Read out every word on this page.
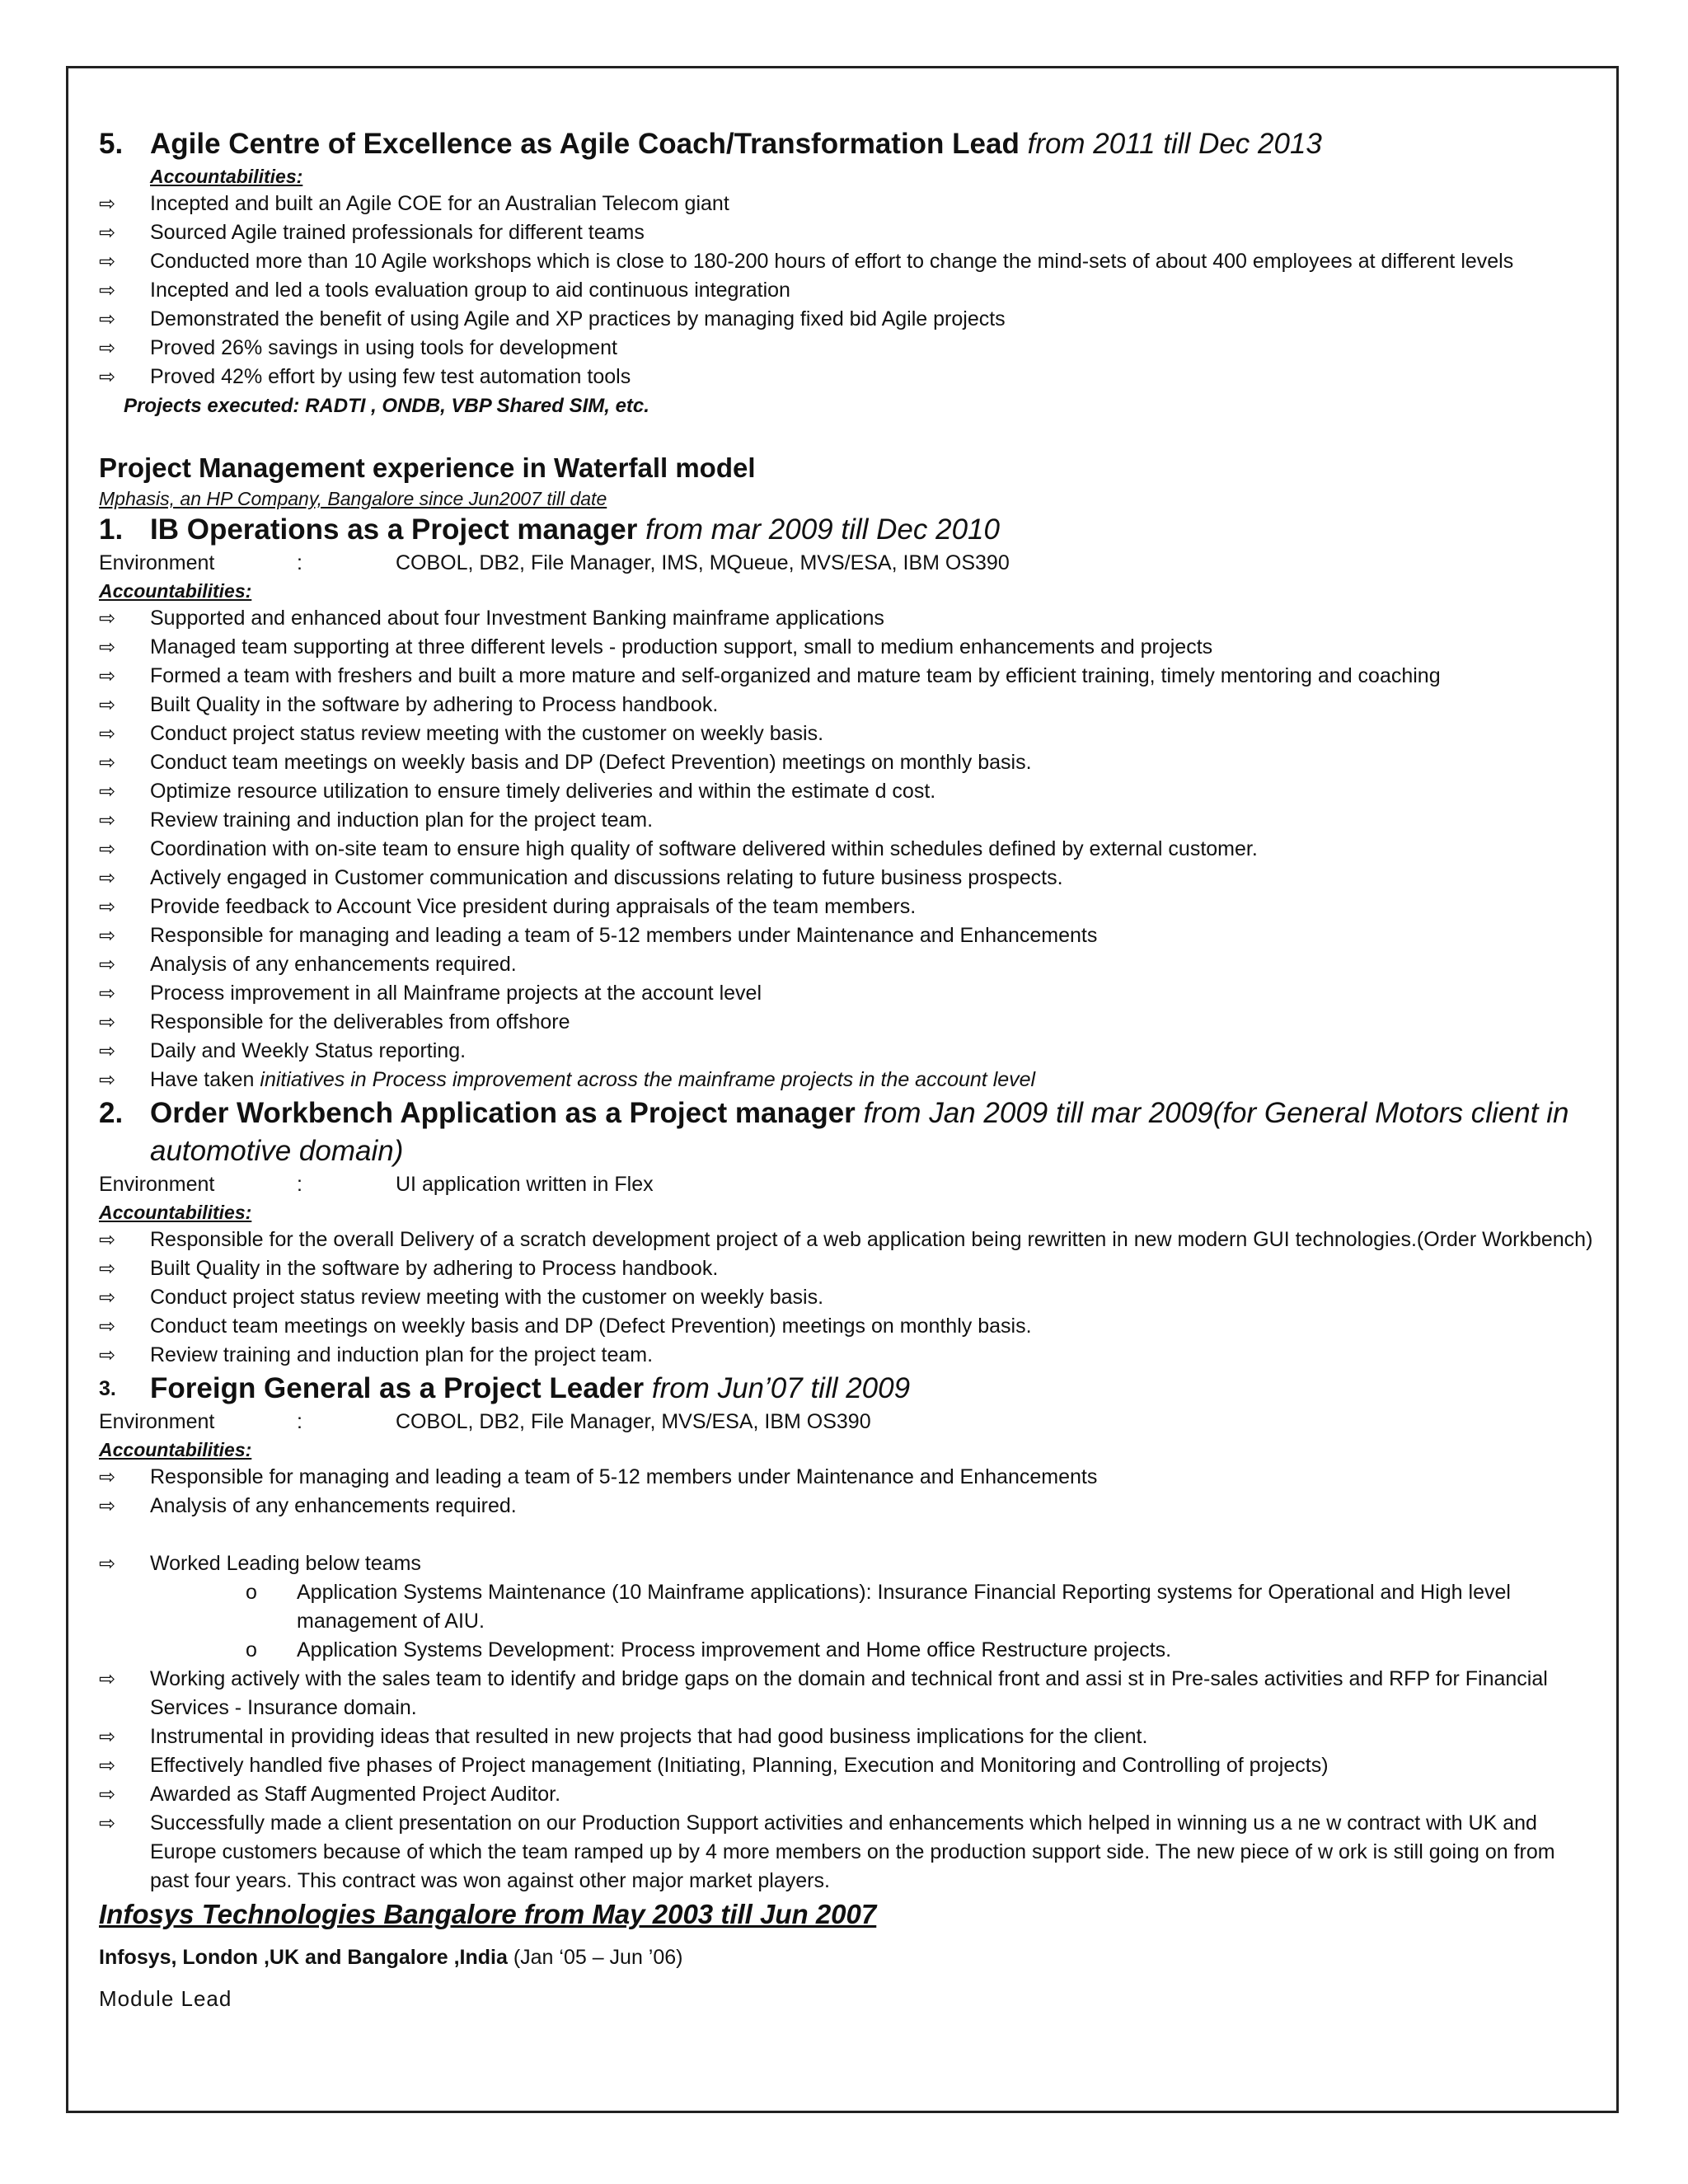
5. Agile Centre of Excellence as Agile Coach/Transformation Lead from 2011 till Dec 2013
Accountabilities:
⇨	Incepted and built an Agile COE for an Australian Telecom giant
⇨	Sourced Agile trained professionals for different teams
⇨	Conducted more than 10 Agile workshops which is close to 180-200 hours of effort to change the mind-sets of about 400 employees at different levels
⇨	Incepted and led a tools evaluation group to aid continuous integration
⇨	Demonstrated the benefit of using Agile and XP practices by managing fixed bid Agile projects
⇨	Proved 26% savings in using tools for development
⇨	Proved 42% effort by using few test automation tools
Projects executed: RADTI , ONDB, VBP Shared SIM, etc.
Project Management experience in Waterfall model
Mphasis, an HP Company, Bangalore since Jun2007 till date
1. IB Operations as a Project manager from mar 2009 till Dec 2010
Environment	:	COBOL, DB2, File Manager, IMS, MQueue, MVS/ESA, IBM OS390
Accountabilities:
⇨	Supported and enhanced about four Investment Banking mainframe applications
⇨	Managed team supporting at three different levels - production support, small to medium enhancements and projects
⇨	Formed a team with freshers and built a more mature and self-organized and mature team by efficient training, timely mentoring and coaching
⇨	Built Quality in the software by adhering to Process handbook.
⇨	Conduct project status review meeting with the customer on weekly basis.
⇨	Conduct team meetings on weekly basis and DP (Defect Prevention) meetings on monthly basis.
⇨	Optimize resource utilization to ensure timely deliveries and within the estimate d cost.
⇨	Review training and induction plan for the project team.
⇨	Coordination with on-site team to ensure high quality of software delivered within schedules defined by external customer.
⇨	Actively engaged in Customer communication and discussions relating to future business prospects.
⇨	Provide feedback to Account Vice president during appraisals of the team members.
⇨	Responsible for managing and leading a team of 5-12 members under Maintenance and Enhancements
⇨	Analysis of any enhancements required.
⇨	Process improvement in all Mainframe projects at the account level
⇨	Responsible for the deliverables from offshore
⇨	Daily and Weekly Status reporting.
⇨	Have taken initiatives in Process improvement across the mainframe projects in the account level
2. Order Workbench Application as a Project manager from Jan 2009 till mar 2009(for General Motors client in automotive domain)
Environment	:	UI application written in Flex
Accountabilities:
⇨	Responsible for the overall Delivery of a scratch development project of a web application being rewritten in new modern GUI technologies.(Order Workbench)
⇨	Built Quality in the software by adhering to Process handbook.
⇨	Conduct project status review meeting with the customer on weekly basis.
⇨	Conduct team meetings on weekly basis and DP (Defect Prevention) meetings on monthly basis.
⇨	Review training and induction plan for the project team.
3.	Foreign General as a Project Leader from Jun’07 till 2009
Environment	:	COBOL, DB2, File Manager, MVS/ESA, IBM OS390
Accountabilities:
⇨	Responsible for managing and leading a team of 5-12 members under Maintenance and Enhancements
⇨	Analysis of any enhancements required.
⇨	Worked Leading below teams
o	Application Systems Maintenance (10 Mainframe applications): Insurance Financial Reporting systems for Operational and High level management of AIU.
o	Application Systems Development: Process improvement and Home office Restructure projects.
⇨	Working actively with the sales team to identify and bridge gaps on the domain and technical front and assi st in Pre-sales activities and RFP for Financial Services - Insurance domain.
⇨	Instrumental in providing ideas that resulted in new projects that had good business implications for the client.
⇨	Effectively handled five phases of Project management (Initiating, Planning, Execution and Monitoring and Controlling of projects)
⇨	Awarded as Staff Augmented Project Auditor.
⇨	Successfully made a client presentation on our Production Support activities and enhancements which helped in winning us a ne w contract with UK and Europe customers because of which the team ramped up by 4 more members on the production support side. The new piece of w ork is still going on from past four years. This contract was won against other major market players.
Infosys Technologies Bangalore from May 2003 till Jun 2007
Infosys, London ,UK and Bangalore ,India (Jan ‘05 – Jun ’06)
Module Lead
